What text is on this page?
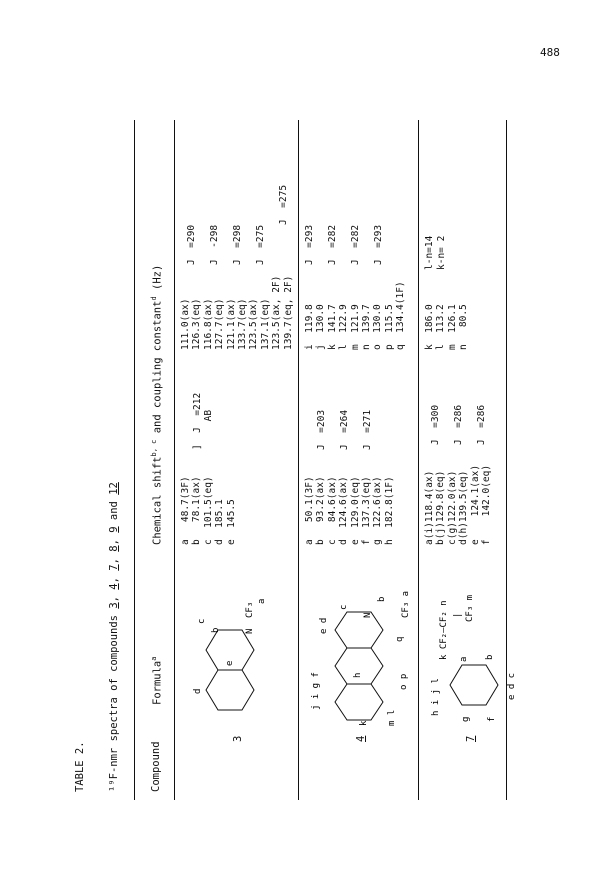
488
TABLE 2. ¹⁹F-nmr spectra of compounds 3, 4, 7, 8, 9 and 12
Compound
Formula$^a$
Chemical shift$^{b, c}$ and coupling constant$^d$ (Hz)
3
d
e
b
c
N
CF₃
a
a   48.7(3F)
b   78.1(ax)
c  101.5(eq)
d  185.1
e  145.5
]  J  =212
AB
111.0(ax)
126.3(eq)
116.8(ax)
127.7(eq)
121.1(ax)
133.7(eq)
123.5(ax)
137.1(eq)
123.5(ax, 2F)
139.7(eq, 2F)
J  =290 J  -298 J  =298 J  =275
J  =275
4
j i g f
k m l
o p
e d
c
N
b
q
CF₃ a
h
a   50.1(3F)
b   93.2(ax)
c   84.6(ax)
d  124.6(ax)
e  129.0(eq)
f  137.3(eq)
g  122.6(ax)
h  182.8(1F)
J  =203 J  =264 J  =271
i  119.8
j  130.0
k  141.7
l  122.9
m  121.9
n  139.7
o  130.0
p  115.5
q  134.4(1F)
J  =293 J  =282 J  =282 J  =293
7
h i j l
g f
e d c
a b
k CF₂—CF₂ n | CF₃ m
a(i)118.4(ax)
b(j)129.8(eq)
c(g)122.0(ax)
d(h)139.5(eq)
e    124.1(ax)
f    142.0(eq)
J  =300 J  =286 J  =286
k  186.0
l  113.2
m  126.1
n   80.5
l-n=14 k-n= 2
